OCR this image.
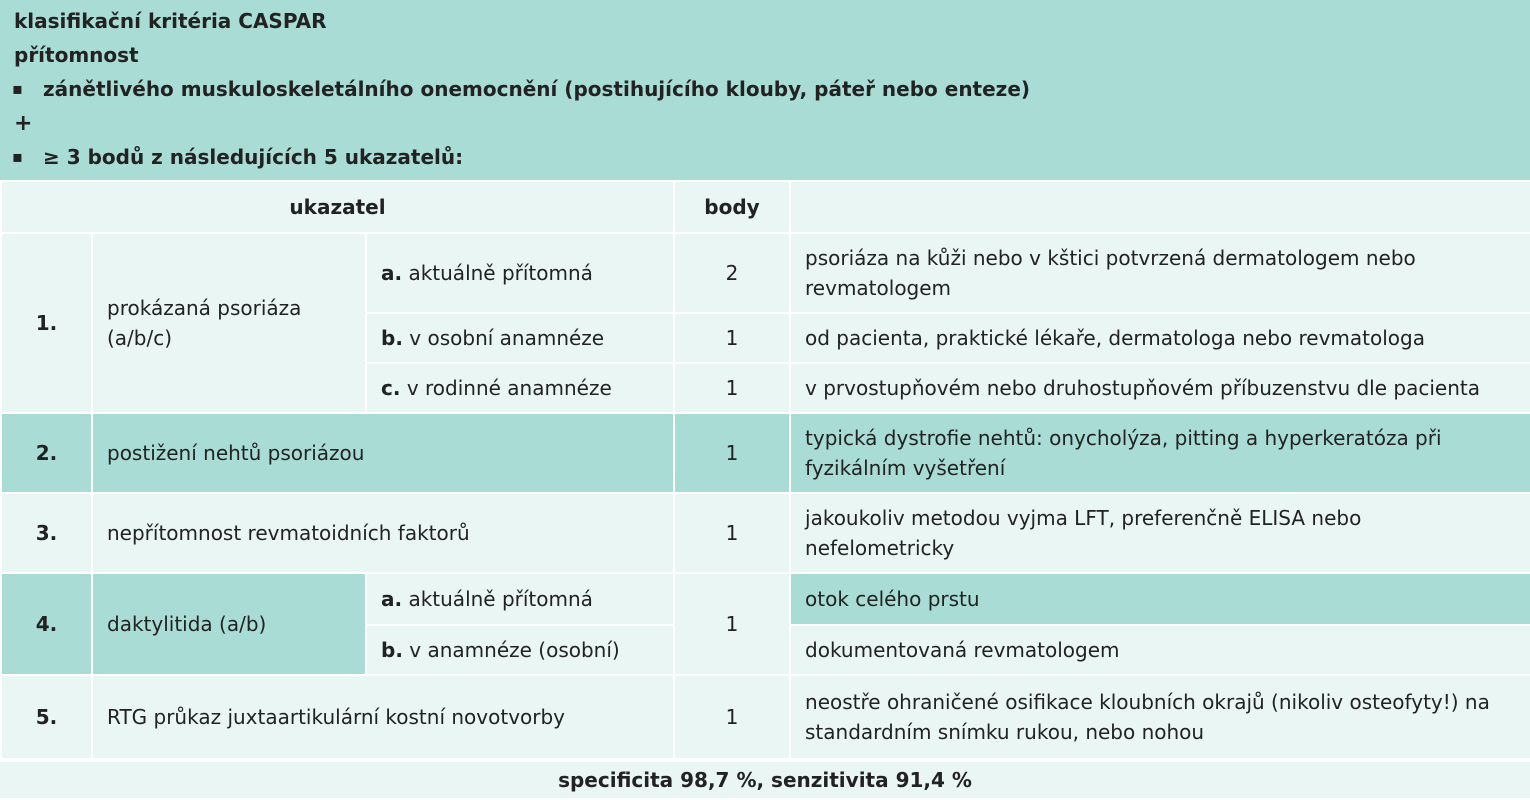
klasifikační kritéria CASPAR
přítomnost
▪ zánětlivého muskuloskeletálního onemocnění (postihujícího klouby, páteř nebo enteze)
+
▪ ≥ 3 bodů z následujících 5 ukazatelů:
ukazatel			body	
1.	prokázaná psoriáza (a/b/c)	a. aktuálně přítomná	2	psoriáza na kůži nebo v kštici potvrzená dermatologem nebo revmatologem
		b. v osobní anamnéze	1	od pacienta, praktické lékaře, dermatologa nebo revmatologa
		c. v rodinné anamnéze	1	v prvostupňovém nebo druhostupňovém příbuzenstvu dle pacienta
2.	postižení nehtů psoriázou		1	typická dystrofie nehtů: onycholýza, pitting a hyperkeratóza při fyzikálním vyšetření
3.	nepřítomnost revmatoidních faktorů		1	jakoukoliv metodou vyjma LFT, preferenčně ELISA nebo nefelometricky
4.	daktylitida (a/b)	a. aktuálně přítomná	1	otok celého prstu
		b. v anamnéze (osobní)		dokumentovaná revmatologem
5.	RTG průkaz juxtaartikulární kostní novotvorby		1	neostře ohraničené osifikace kloubních okrajů (nikoliv osteofyty!) na standardním snímku rukou, nebo nohou
specificita 98,7 %, senzitivita 91,4 %
